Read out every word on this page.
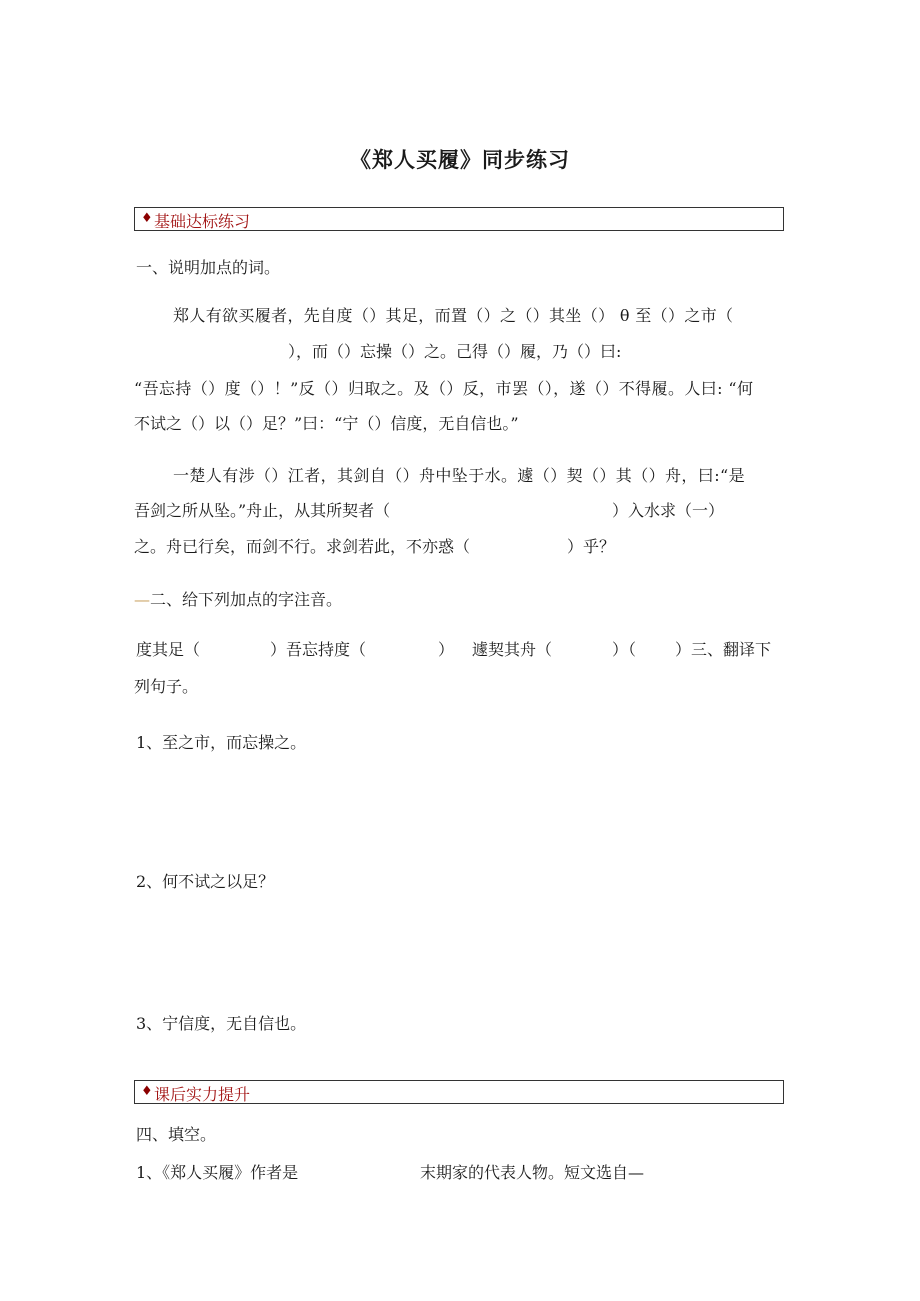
《郑人买履》同步练习
♦ 基础达标练习
一、说明加点的词。
郑人有欲买履者，先自度（）其足，而置（）之（）其坐（） θ 至（）之市（
），而（）忘操（）之。己得（）履，乃（）曰:
“吾忘持（）度（）！”反（）归取之。及（）反，市罢（），遂（）不得履。人曰: “何
不试之（）以（）足？”曰：“宁（）信度，无自信也。”
一楚人有涉（）江者，其剑自（）舟中坠于水。遽（）契（）其（）舟，曰:“是
吾剑之所从坠。”舟止，从其所契者（	）入水求（一）
之。舟已行矣，而剑不行。求剑若此，不亦惑（	）乎？
—二、给下列加点的字注音。
度其足（	）吾忘持度（	） 遽契其舟（	）（ ）三、翻译下
列句子。
1、至之市，而忘操之。
2、何不试之以足？
3、宁信度，无自信也。
♦ 课后实力提升
四、填空。
1、《郑人买履》作者是	末期家的代表人物。短文选自—
